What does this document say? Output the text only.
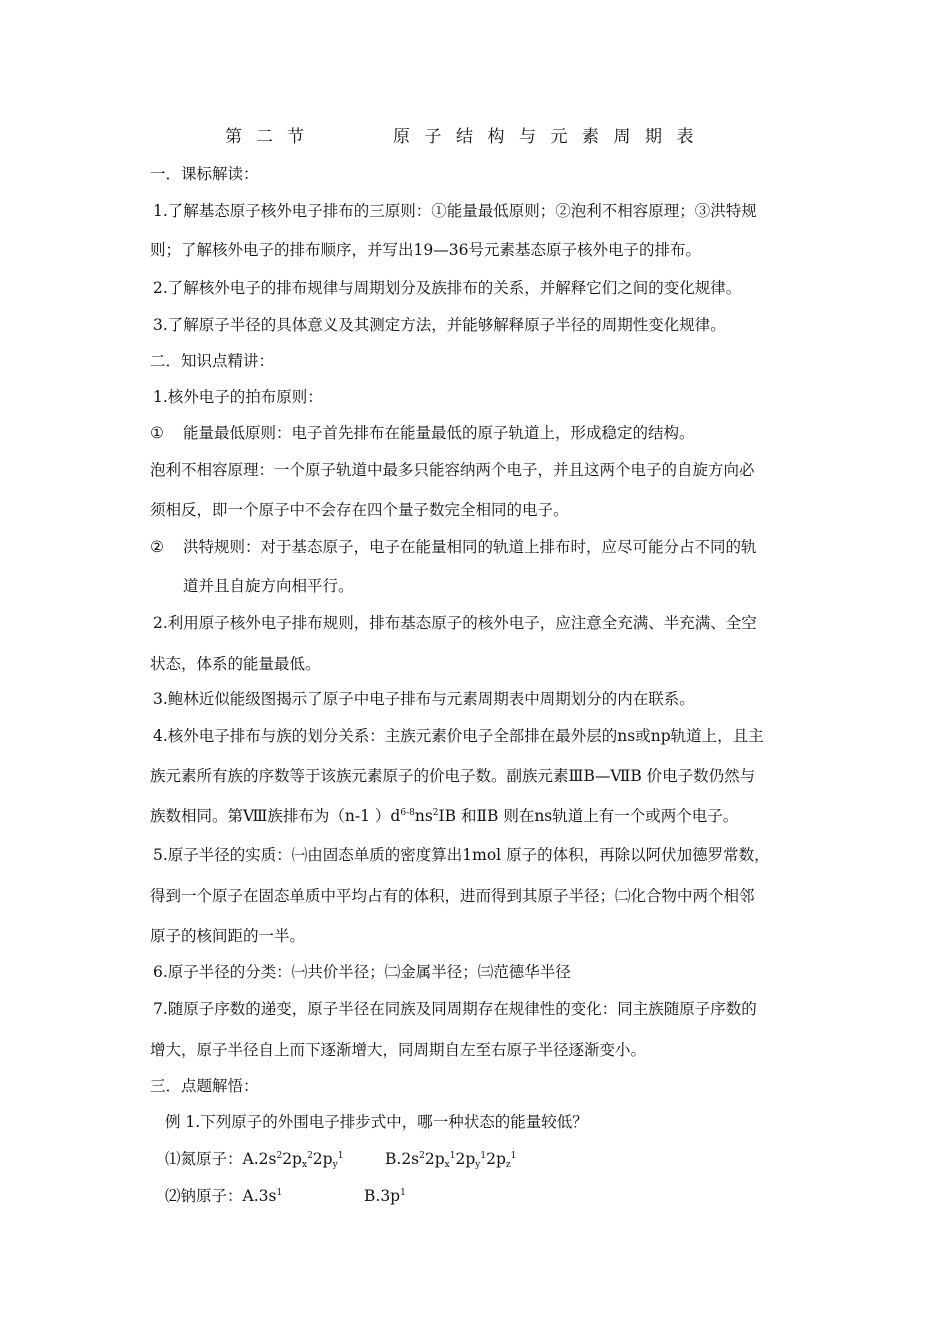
第二节	原子结构与元素周期表
一．课标解读：
1.了解基态原子核外电子排布的三原则：①能量最低原则；②泡利不相容原理；③洪特规
则；了解核外电子的排布顺序，并写出19—36号元素基态原子核外电子的排布。
2.了解核外电子的排布规律与周期划分及族排布的关系，并解释它们之间的变化规律。
3.了解原子半径的具体意义及其测定方法，并能够解释原子半径的周期性变化规律。
二．知识点精讲：
1.核外电子的拍布原则：
① 能量最低原则：电子首先排布在能量最低的原子轨道上，形成稳定的结构。
泡利不相容原理：一个原子轨道中最多只能容纳两个电子，并且这两个电子的自旋方向必
须相反，即一个原子中不会存在四个量子数完全相同的电子。
② 洪特规则：对于基态原子，电子在能量相同的轨道上排布时，应尽可能分占不同的轨
道并且自旋方向相平行。
2.利用原子核外电子排布规则，排布基态原子的核外电子，应注意全充满、半充满、全空
状态，体系的能量最低。
3.鲍林近似能级图揭示了原子中电子排布与元素周期表中周期划分的内在联系。
4.核外电子排布与族的划分关系：主族元素价电子全部排在最外层的ns或np轨道上，且主
族元素所有族的序数等于该族元素原子的价电子数。副族元素ⅢB—ⅦB 价电子数仍然与
族数相同。第Ⅷ族排布为（n-1 ）$d^{6-8}ns^2ⅠB$ 和ⅡB 则在ns轨道上有一个或两个电子。
5.原子半径的实质：㈠由固态单质的密度算出1mol 原子的体积，再除以阿伏加德罗常数，
得到一个原子在固态单质中平均占有的体积，进而得到其原子半径；㈡化合物中两个相邻
原子的核间距的一半。
6.原子半径的分类：㈠共价半径；㈡金属半径；㈢范德华半径
7.随原子序数的递变，原子半径在同族及同周期存在规律性的变化：同主族随原子序数的
增大，原子半径自上而下逐渐增大，同周期自左至右原子半径逐渐变小。
三．点题解悟：
例 1.下列原子的外围电子排步式中，哪一种状态的能量较低？
⑴氮原子：$A.2s^22p_x^22p_y^1$	$B.2s^22p_x^12p_y^12p_z^1$
⑵钠原子：$A.3s^1$	$B.3p^1$
